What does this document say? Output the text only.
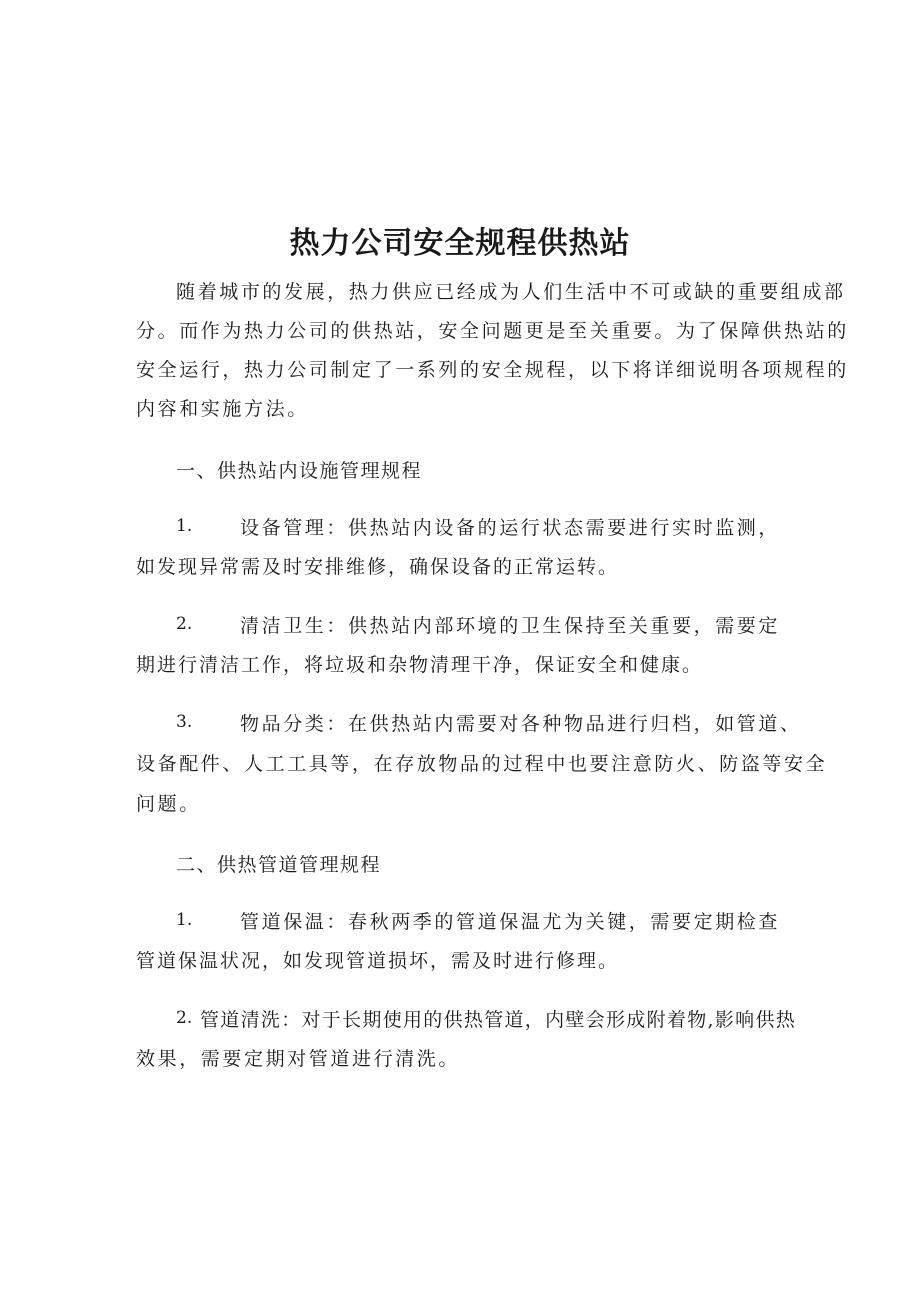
热力公司安全规程供热站
随着城市的发展，热力供应已经成为人们生活中不可或缺的重要组成部
分。而作为热力公司的供热站，安全问题更是至关重要。为了保障供热站的
安全运行，热力公司制定了一系列的安全规程，以下将详细说明各项规程的
内容和实施方法。
一、供热站内设施管理规程
1.	设备管理：供热站内设备的运行状态需要进行实时监测，
如发现异常需及时安排维修，确保设备的正常运转。
2.	清洁卫生：供热站内部环境的卫生保持至关重要，需要定
期进行清洁工作，将垃圾和杂物清理干净，保证安全和健康。
3.	物品分类：在供热站内需要对各种物品进行归档，如管道、
设备配件、人工工具等，在存放物品的过程中也要注意防火、防盗等安全
问题。
二、供热管道管理规程
1.	管道保温：春秋两季的管道保温尤为关键，需要定期检查
管道保温状况，如发现管道损坏，需及时进行修理。
2. 管道清洗：对于长期使用的供热管道，内壁会形成附着物,影响供热
效果，需要定期对管道进行清洗。
